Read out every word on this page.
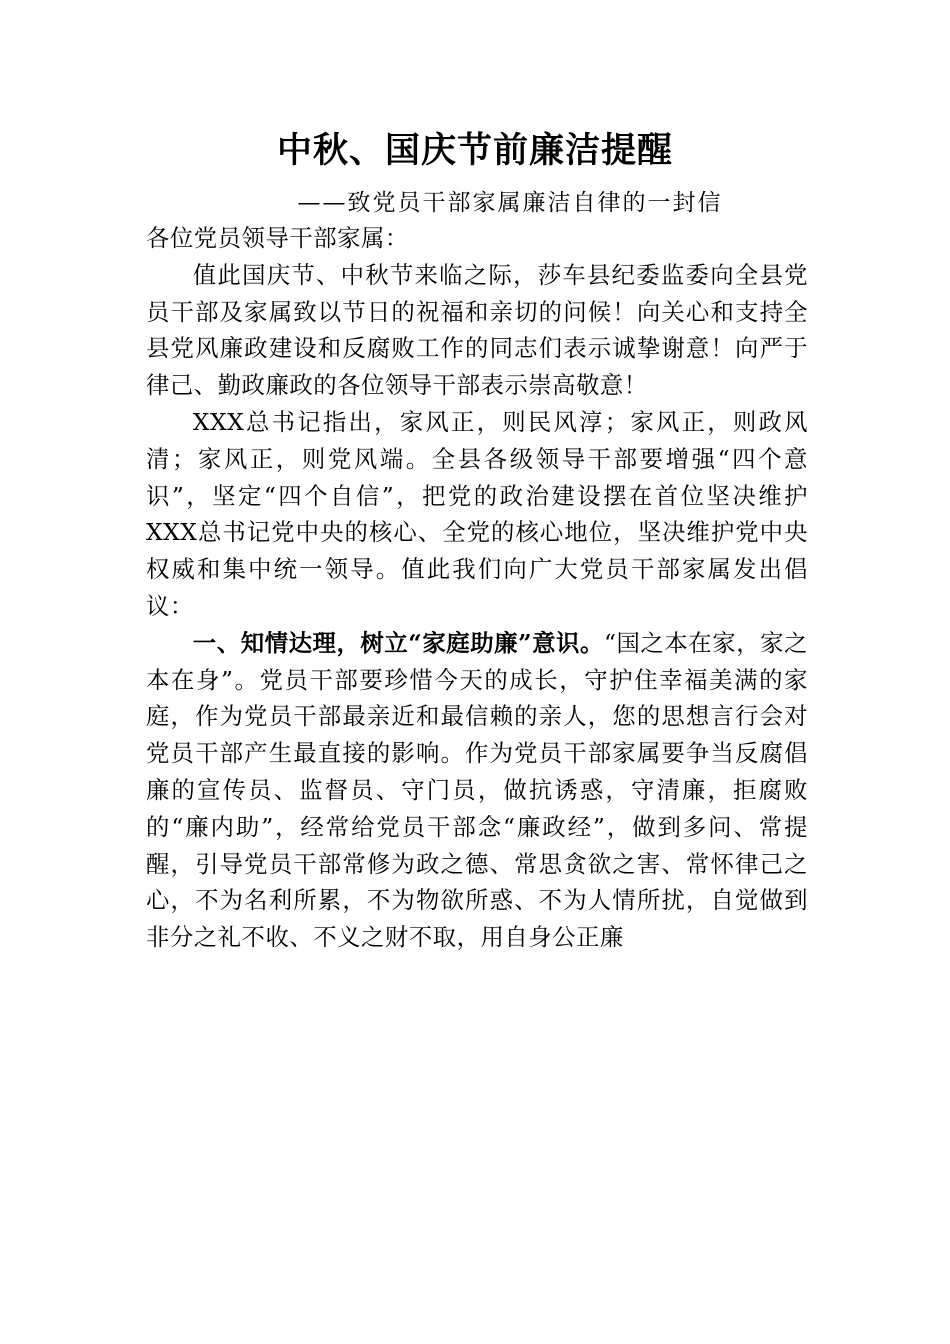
中秋、国庆节前廉洁提醒

——致党员干部家属廉洁自律的一封信

各位党员领导干部家属：

值此国庆节、中秋节来临之际，莎车县纪委监委向全县党员干部及家属致以节日的祝福和亲切的问候！向关心和支持全县党风廉政建设和反腐败工作的同志们表示诚挚谢意！向严于律己、勤政廉政的各位领导干部表示崇高敬意！

XXX总书记指出，家风正，则民风淳；家风正，则政风清；家风正，则党风端。全县各级领导干部要增强“四个意识”，坚定“四个自信”，把党的政治建设摆在首位坚决维护XXX总书记党中央的核心、全党的核心地位，坚决维护党中央权威和集中统一领导。值此我们向广大党员干部家属发出倡议：

一、知情达理，树立“家庭助廉”意识。“国之本在家，家之本在身”。党员干部要珍惜今天的成长，守护住幸福美满的家庭，作为党员干部最亲近和最信赖的亲人，您的思想言行会对党员干部产生最直接的影响。作为党员干部家属要争当反腐倡廉的宣传员、监督员、守门员，做抗诱惑，守清廉，拒腐败的“廉内助”，经常给党员干部念“廉政经”，做到多问、常提醒，引导党员干部常修为政之德、常思贪欲之害、常怀律己之心，不为名利所累，不为物欲所惑、不为人情所扰，自觉做到非分之礼不收、不义之财不取，用自身公正廉
